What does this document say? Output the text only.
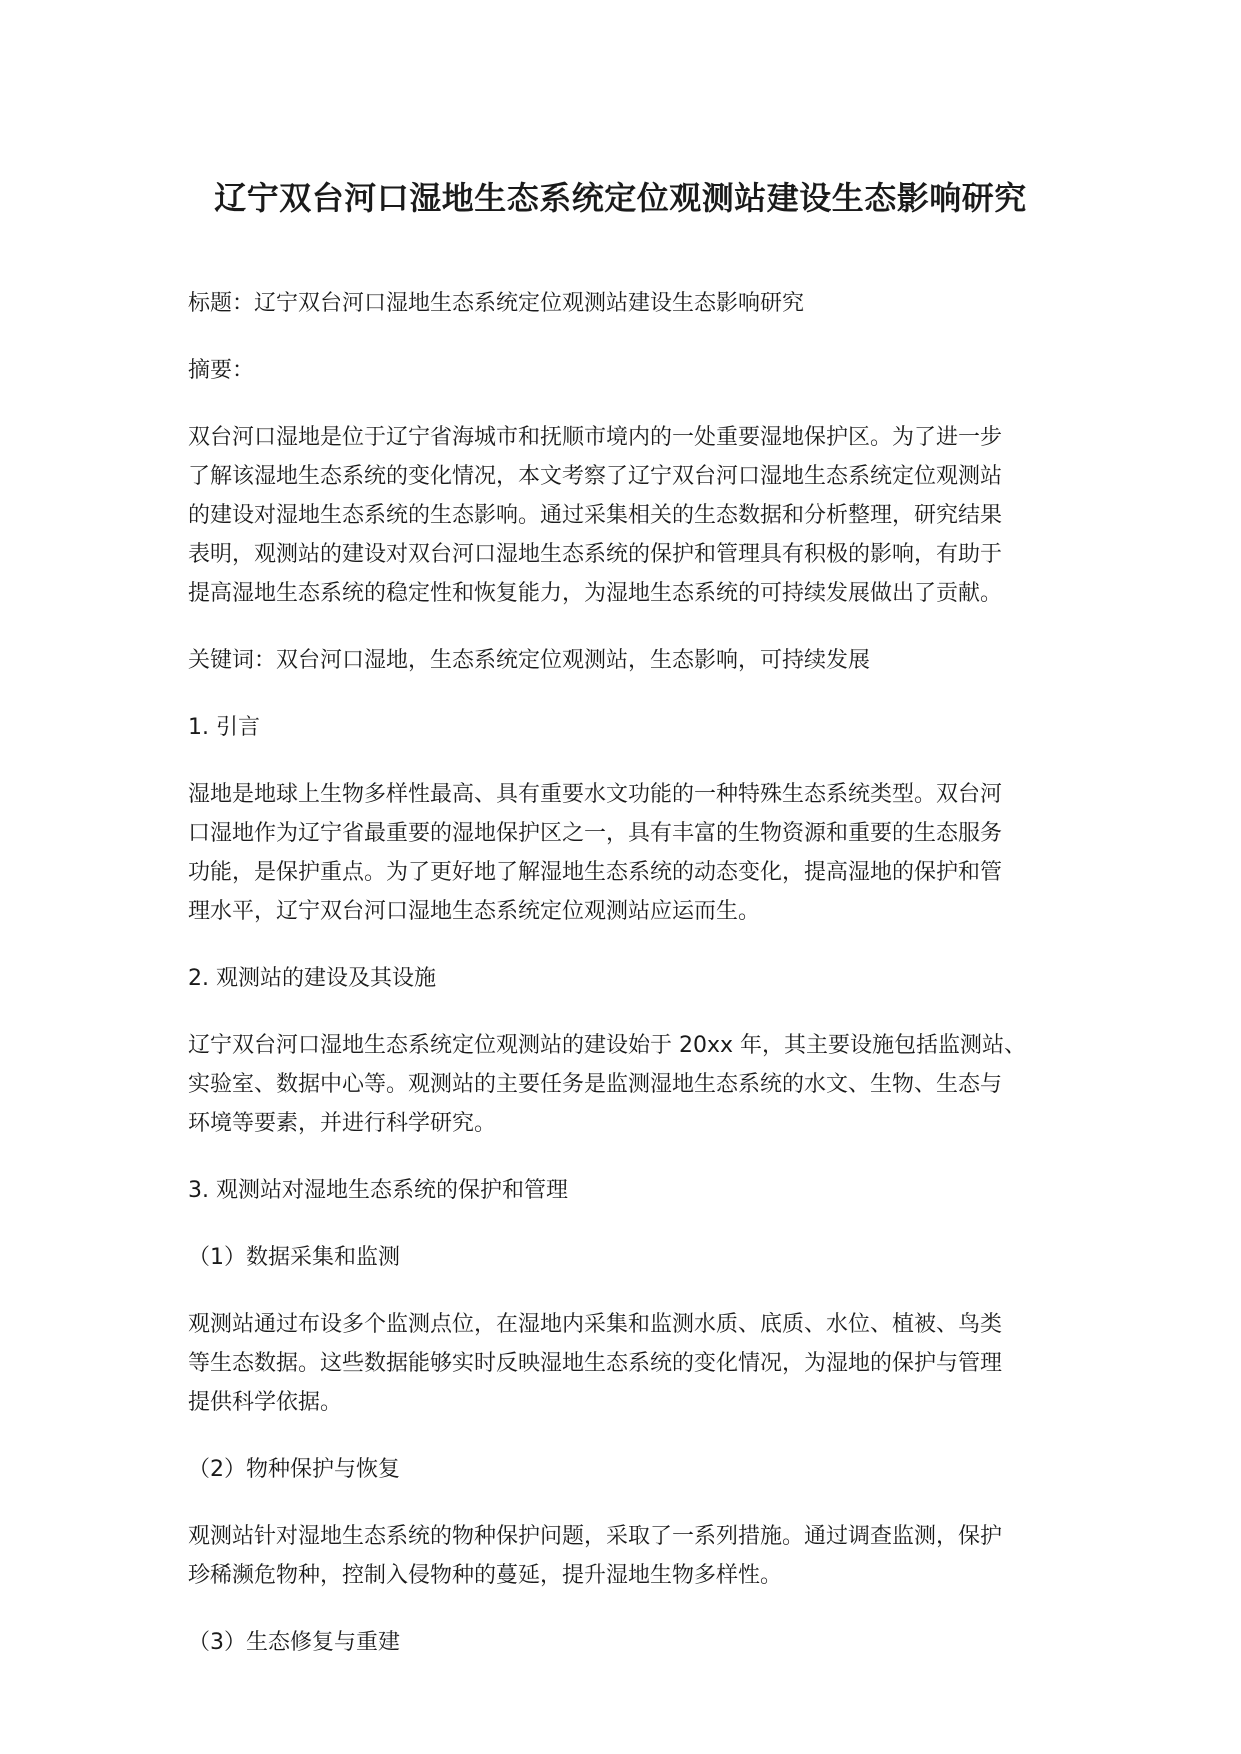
辽宁双台河口湿地生态系统定位观测站建设生态影响研究

标题：辽宁双台河口湿地生态系统定位观测站建设生态影响研究

摘要：

双台河口湿地是位于辽宁省海城市和抚顺市境内的一处重要湿地保护区。为了进一步
了解该湿地生态系统的变化情况，本文考察了辽宁双台河口湿地生态系统定位观测站
的建设对湿地生态系统的生态影响。通过采集相关的生态数据和分析整理，研究结果
表明，观测站的建设对双台河口湿地生态系统的保护和管理具有积极的影响，有助于
提高湿地生态系统的稳定性和恢复能力，为湿地生态系统的可持续发展做出了贡献。

关键词：双台河口湿地，生态系统定位观测站，生态影响，可持续发展

1. 引言

湿地是地球上生物多样性最高、具有重要水文功能的一种特殊生态系统类型。双台河
口湿地作为辽宁省最重要的湿地保护区之一，具有丰富的生物资源和重要的生态服务
功能，是保护重点。为了更好地了解湿地生态系统的动态变化，提高湿地的保护和管
理水平，辽宁双台河口湿地生态系统定位观测站应运而生。

2. 观测站的建设及其设施

辽宁双台河口湿地生态系统定位观测站的建设始于 20xx 年，其主要设施包括监测站、
实验室、数据中心等。观测站的主要任务是监测湿地生态系统的水文、生物、生态与
环境等要素，并进行科学研究。

3. 观测站对湿地生态系统的保护和管理

（1）数据采集和监测

观测站通过布设多个监测点位，在湿地内采集和监测水质、底质、水位、植被、鸟类
等生态数据。这些数据能够实时反映湿地生态系统的变化情况，为湿地的保护与管理
提供科学依据。

（2）物种保护与恢复

观测站针对湿地生态系统的物种保护问题，采取了一系列措施。通过调查监测，保护
珍稀濒危物种，控制入侵物种的蔓延，提升湿地生物多样性。

（3）生态修复与重建
